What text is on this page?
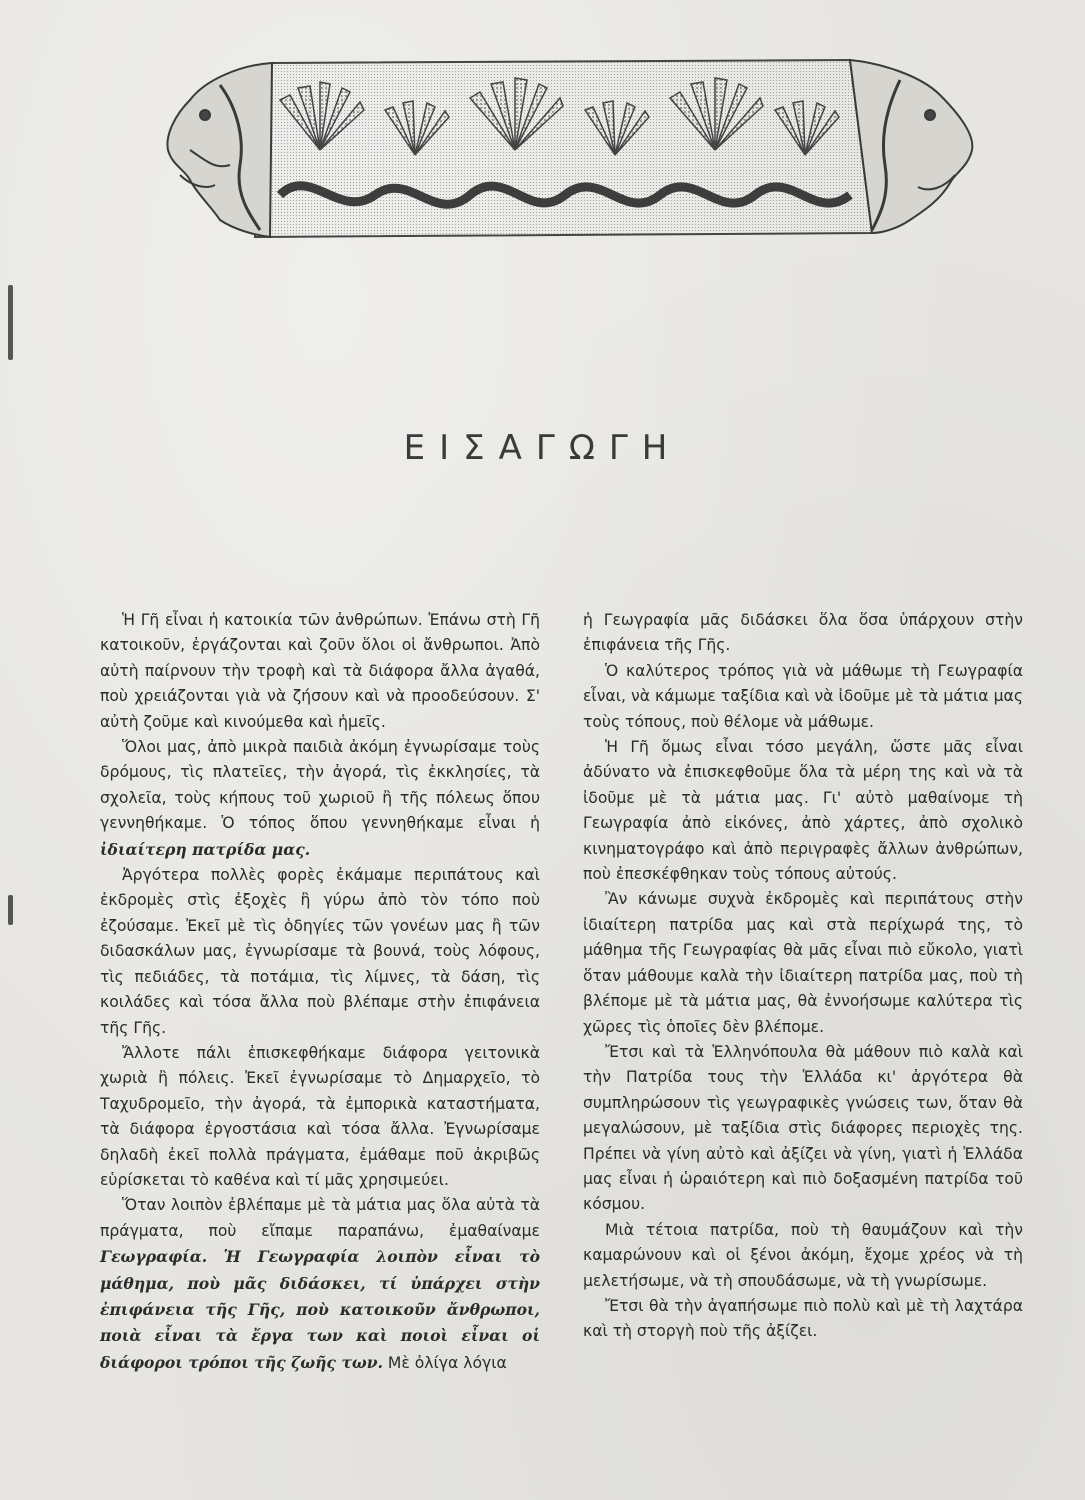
ΕΙΣΑΓΩΓΗ

Ἡ Γῆ εἶναι ἡ κατοικία τῶν ἀνθρώπων. Ἐπάνω στὴ Γῆ κατοικοῦν, ἐργάζονται καὶ ζοῦν ὅλοι οἱ ἄνθρωποι. Ἀπὸ αὐτὴ παίρνουν τὴν τροφὴ καὶ τὰ διάφορα ἄλλα ἀγαθά, ποὺ χρειάζονται γιὰ νὰ ζήσουν καὶ νὰ προοδεύσουν. Σ' αὐτὴ ζοῦμε καὶ κινούμεθα καὶ ἡμεῖς.

Ὅλοι μας, ἀπὸ μικρὰ παιδιὰ ἀκόμη ἐγνωρίσαμε τοὺς δρόμους, τὶς πλατεῖες, τὴν ἀγορά, τὶς ἐκκλησίες, τὰ σχολεῖα, τοὺς κήπους τοῦ χωριοῦ ἢ τῆς πόλεως ὅπου γεννηθήκαμε. Ὁ τόπος ὅπου γεννηθήκαμε εἶναι ἡ ἰδιαίτερη πατρίδα μας.

Ἀργότερα πολλὲς φορὲς ἐκάμαμε περιπάτους καὶ ἐκδρομὲς στὶς ἐξοχὲς ἢ γύρω ἀπὸ τὸν τόπο ποὺ ἐζούσαμε. Ἐκεῖ μὲ τὶς ὁδηγίες τῶν γονέων μας ἢ τῶν διδασκάλων μας, ἐγνωρίσαμε τὰ βουνά, τοὺς λόφους, τὶς πεδιάδες, τὰ ποτάμια, τὶς λίμνες, τὰ δάση, τὶς κοιλάδες καὶ τόσα ἄλλα ποὺ βλέπαμε στὴν ἐπιφάνεια τῆς Γῆς.

Ἄλλοτε πάλι ἐπισκεφθήκαμε διάφορα γειτονικὰ χωριὰ ἢ πόλεις. Ἐκεῖ ἐγνωρίσαμε τὸ Δημαρχεῖο, τὸ Ταχυδρομεῖο, τὴν ἀγορά, τὰ ἐμπορικὰ καταστήματα, τὰ διάφορα ἐργοστάσια καὶ τόσα ἄλλα. Ἐγνωρίσαμε δηλαδὴ ἐκεῖ πολλὰ πράγματα, ἐμάθαμε ποῦ ἀκριβῶς εὑρίσκεται τὸ καθένα καὶ τί μᾶς χρησιμεύει.

Ὅταν λοιπὸν ἐβλέπαμε μὲ τὰ μάτια μας ὅλα αὐτὰ τὰ πράγματα, ποὺ εἴπαμε παραπάνω, ἐμαθαίναμε Γεωγραφία. Ἡ Γεωγραφία λοιπὸν εἶναι τὸ μάθημα, ποὺ μᾶς διδάσκει, τί ὑπάρχει στὴν ἐπιφάνεια τῆς Γῆς, ποὺ κατοικοῦν ἄνθρωποι, ποιὰ εἶναι τὰ ἔργα των καὶ ποιοὶ εἶναι οἱ διάφοροι τρόποι τῆς ζωῆς των. Μὲ ὀλίγα λόγια

ἡ Γεωγραφία μᾶς διδάσκει ὅλα ὅσα ὑπάρχουν στὴν ἐπιφάνεια τῆς Γῆς.

Ὁ καλύτερος τρόπος γιὰ νὰ μάθωμε τὴ Γεωγραφία εἶναι, νὰ κάμωμε ταξίδια καὶ νὰ ἰδοῦμε μὲ τὰ μάτια μας τοὺς τόπους, ποὺ θέλομε νὰ μάθωμε.

Ἡ Γῆ ὅμως εἶναι τόσο μεγάλη, ὥστε μᾶς εἶναι ἀδύνατο νὰ ἐπισκεφθοῦμε ὅλα τὰ μέρη της καὶ νὰ τὰ ἰδοῦμε μὲ τὰ μάτια μας. Γι' αὐτὸ μαθαίνομε τὴ Γεωγραφία ἀπὸ εἰκόνες, ἀπὸ χάρτες, ἀπὸ σχολικὸ κινηματογράφο καὶ ἀπὸ περιγραφὲς ἄλλων ἀνθρώπων, ποὺ ἐπεσκέφθηκαν τοὺς τόπους αὐτούς.

Ἂν κάνωμε συχνὰ ἐκδρομὲς καὶ περιπάτους στὴν ἰδιαίτερη πατρίδα μας καὶ στὰ περίχωρά της, τὸ μάθημα τῆς Γεωγραφίας θὰ μᾶς εἶναι πιὸ εὔκολο, γιατὶ ὅταν μάθουμε καλὰ τὴν ἰδιαίτερη πατρίδα μας, ποὺ τὴ βλέπομε μὲ τὰ μάτια μας, θὰ ἐννοήσωμε καλύτερα τὶς χῶρες τὶς ὁποῖες δὲν βλέπομε.

Ἔτσι καὶ τὰ Ἑλληνόπουλα θὰ μάθουν πιὸ καλὰ καὶ τὴν Πατρίδα τους τὴν Ἑλλάδα κι' ἀργότερα θὰ συμπληρώσουν τὶς γεωγραφικὲς γνώσεις των, ὅταν θὰ μεγαλώσουν, μὲ ταξίδια στὶς διάφορες περιοχὲς της. Πρέπει νὰ γίνη αὐτὸ καὶ ἀξίζει νὰ γίνη, γιατὶ ἡ Ἑλλάδα μας εἶναι ἡ ὡραιότερη καὶ πιὸ δοξασμένη πατρίδα τοῦ κόσμου.

Μιὰ τέτοια πατρίδα, ποὺ τὴ θαυμάζουν καὶ τὴν καμαρώνουν καὶ οἱ ξένοι ἀκόμη, ἔχομε χρέος νὰ τὴ μελετήσωμε, νὰ τὴ σπουδάσωμε, νὰ τὴ γνωρίσωμε.

Ἔτσι θὰ τὴν ἀγαπήσωμε πιὸ πολὺ καὶ μὲ τὴ λαχτάρα καὶ τὴ στοργὴ ποὺ τῆς ἀξίζει.
